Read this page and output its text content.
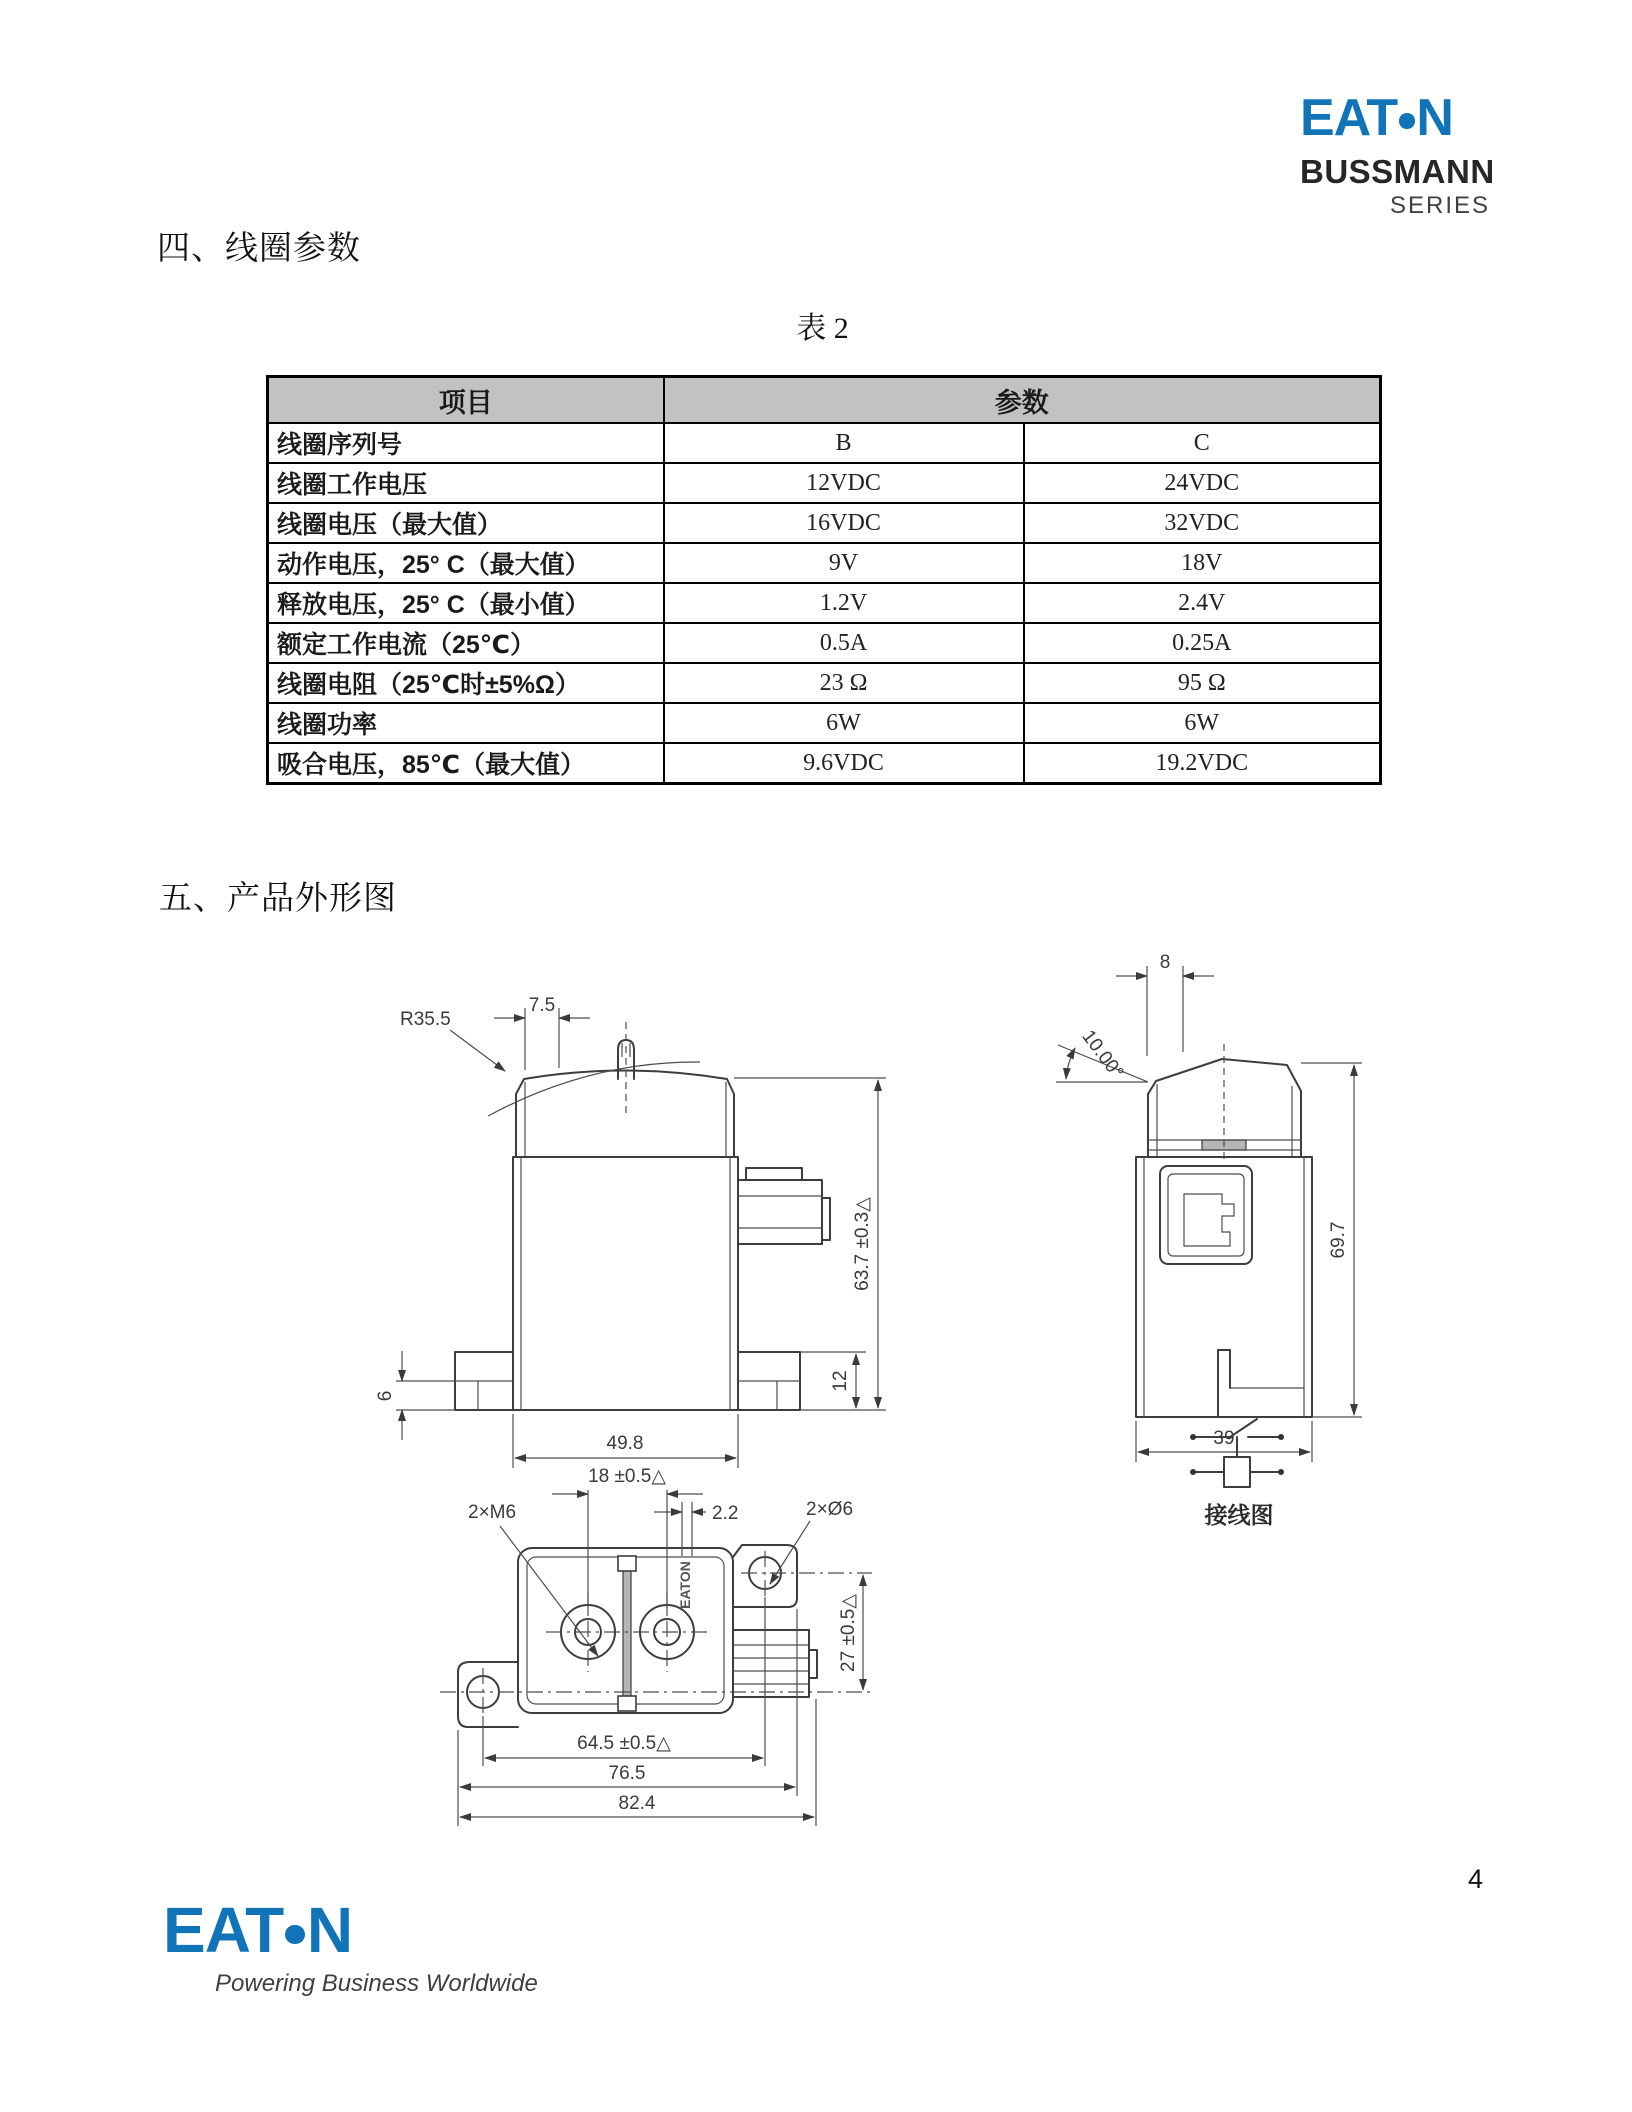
EAT N
BUSSMANN
SERIES
四、线圈参数
表 2
五、产品外形图
项目	参数	
线圈序列号	B	C
线圈工作电压	12VDC	24VDC
线圈电压（最大值）	16VDC	32VDC
动作电压，25° C（最大值）	9V	18V
释放电压，25° C（最小值）	1.2V	2.4V
额定工作电流（25℃）	0.5A	0.25A
线圈电阻（25℃时±5%Ω）	23 Ω	95 Ω
线圈功率	6W	6W
吸合电压，85℃（最大值）	9.6VDC	19.2VDC
R35.5
7.5
63.7 ±0.3△
12
6
49.8
8
10.00°
69.7
39
接线图
EATON
18 ±0.5△
2.2
2×M6	2×Ø6
27 ±0.5△
64.5 ±0.5△
76.5
82.4
EAT N
Powering Business Worldwide
4
